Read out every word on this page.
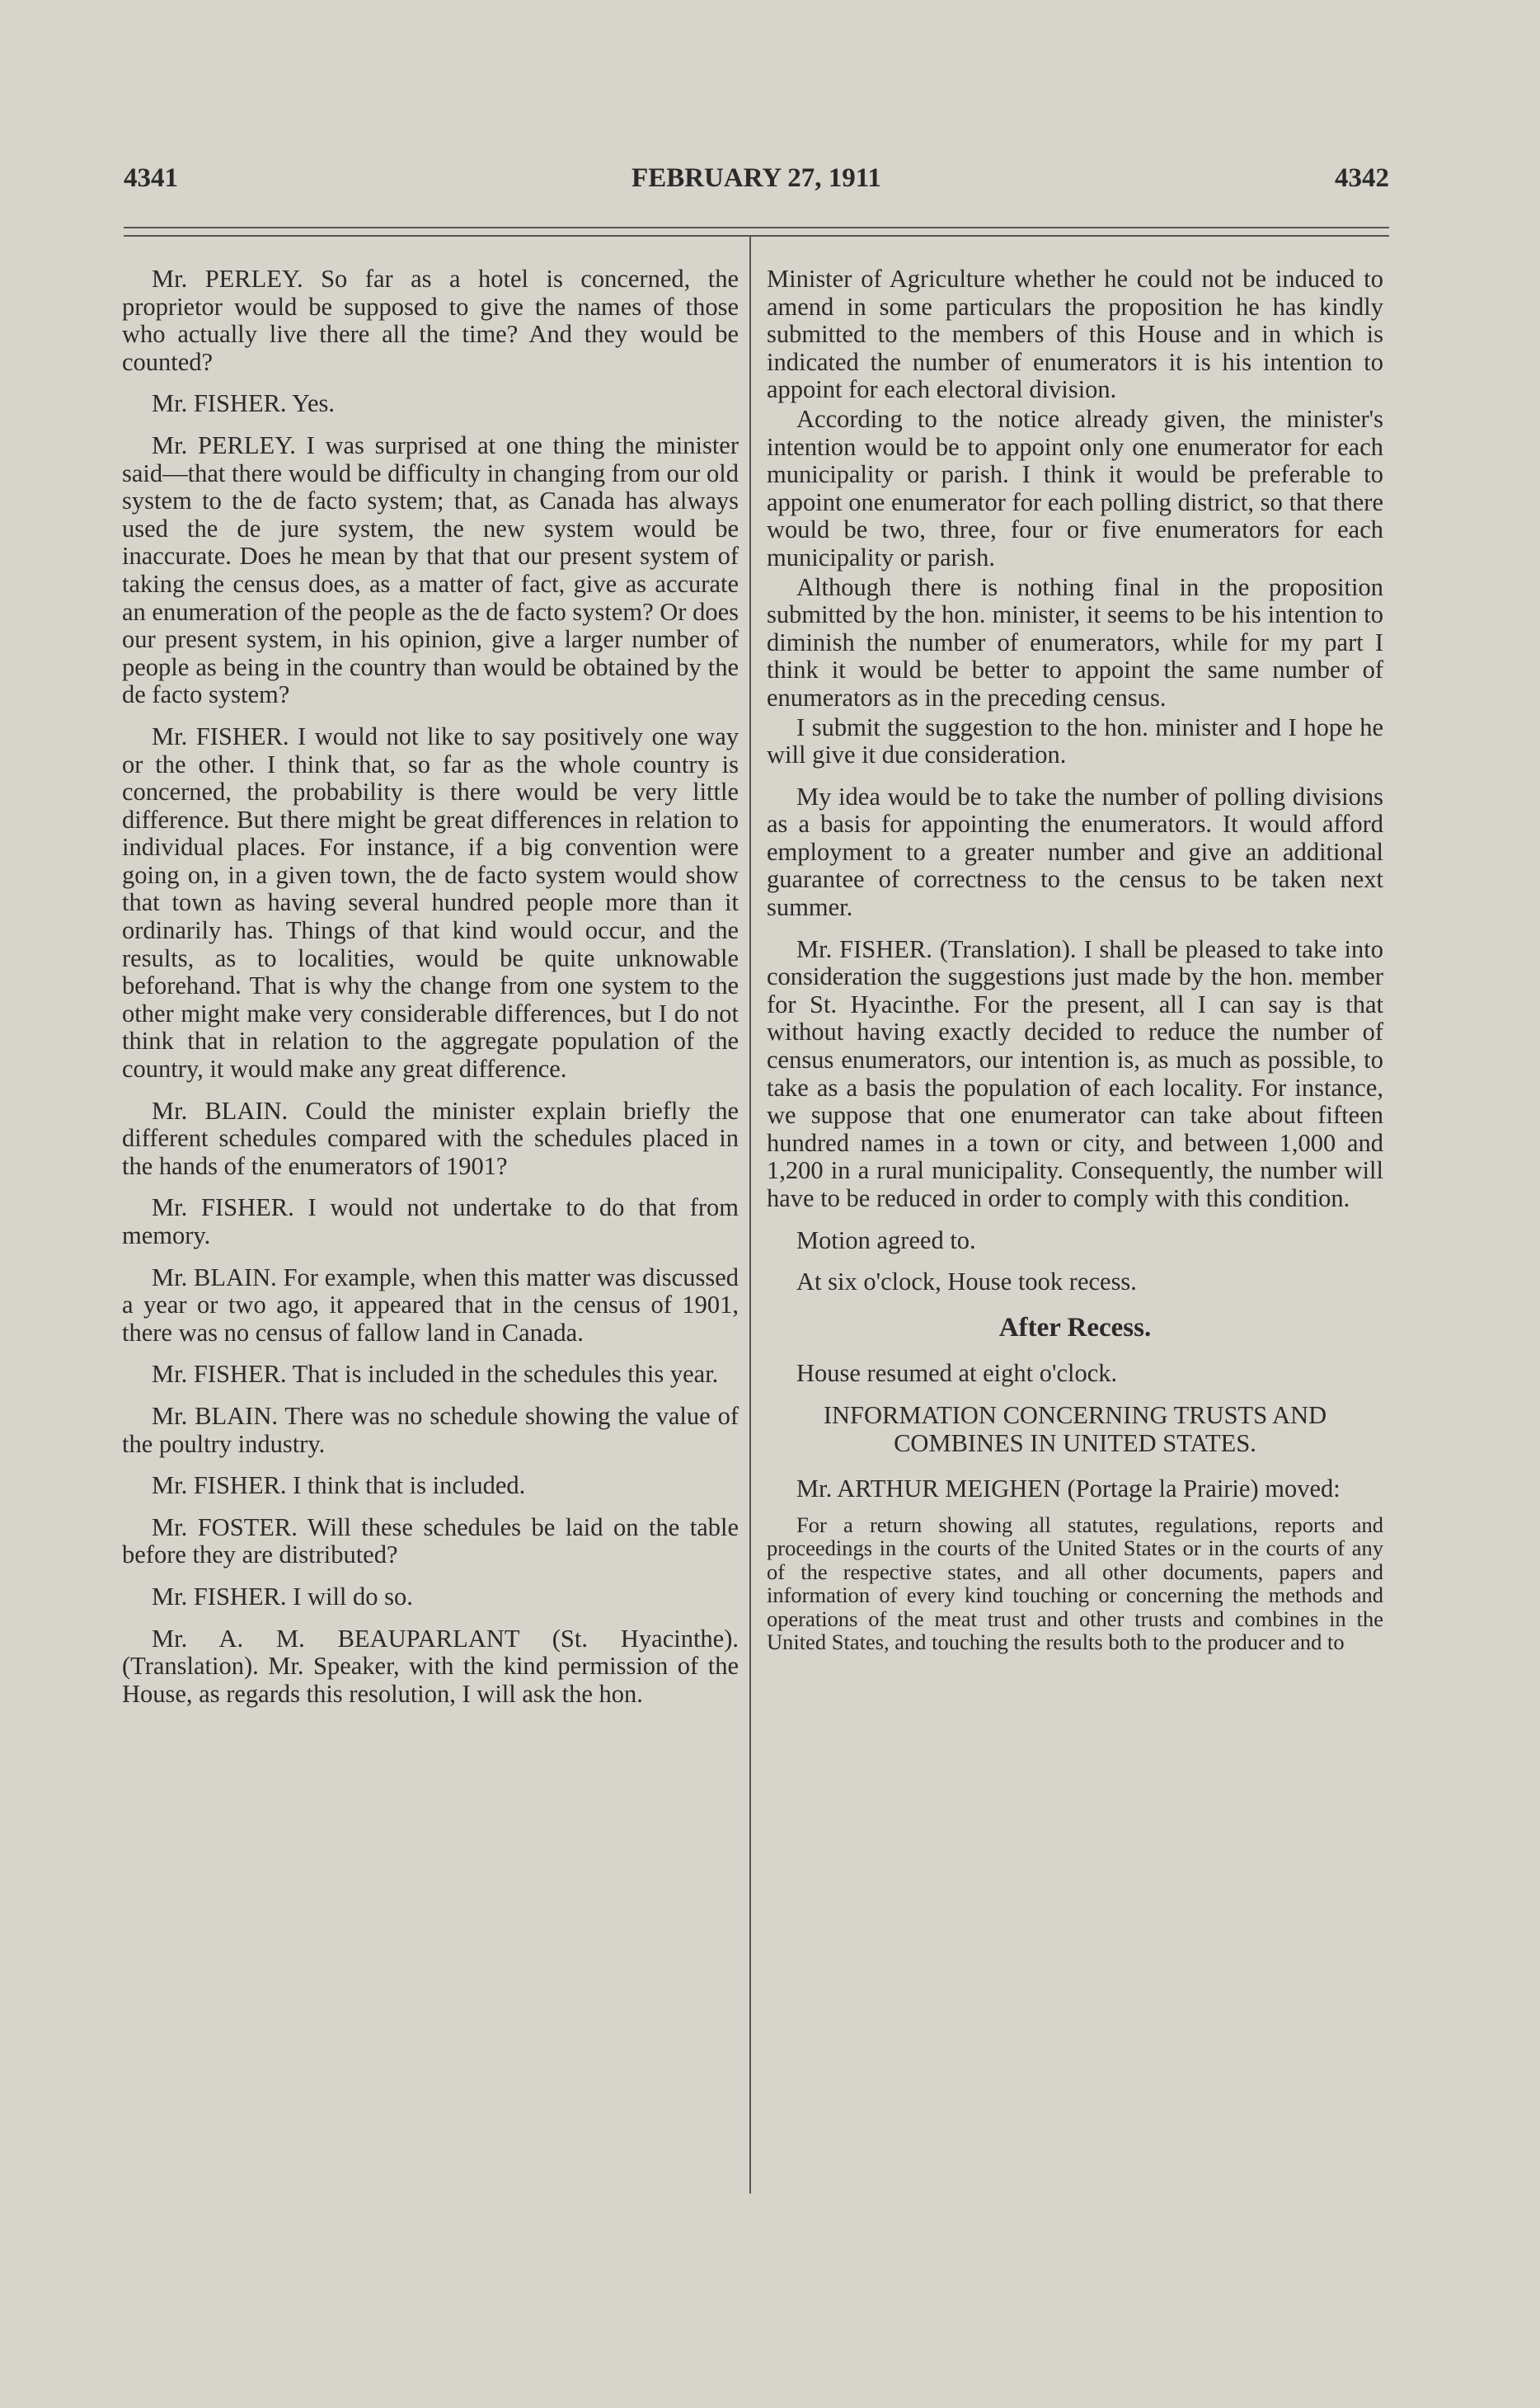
4341	FEBRUARY 27, 1911	4342

Mr. PERLEY. So far as a hotel is concerned, the proprietor would be supposed to give the names of those who actually live there all the time? And they would be counted?

Mr. FISHER. Yes.

Mr. PERLEY. I was surprised at one thing the minister said—that there would be difficulty in changing from our old system to the de facto system; that, as Canada has always used the de jure system, the new system would be inaccurate. Does he mean by that that our present system of taking the census does, as a matter of fact, give as accurate an enumeration of the people as the de facto system? Or does our present system, in his opinion, give a larger number of people as being in the country than would be obtained by the de facto system?

Mr. FISHER. I would not like to say positively one way or the other. I think that, so far as the whole country is concerned, the probability is there would be very little difference. But there might be great differences in relation to individual places. For instance, if a big convention were going on, in a given town, the de facto system would show that town as having several hundred people more than it ordinarily has. Things of that kind would occur, and the results, as to localities, would be quite unknowable beforehand. That is why the change from one system to the other might make very considerable differences, but I do not think that in relation to the aggregate population of the country, it would make any great difference.

Mr. BLAIN. Could the minister explain briefly the different schedules compared with the schedules placed in the hands of the enumerators of 1901?

Mr. FISHER. I would not undertake to do that from memory.

Mr. BLAIN. For example, when this matter was discussed a year or two ago, it appeared that in the census of 1901, there was no census of fallow land in Canada.

Mr. FISHER. That is included in the schedules this year.

Mr. BLAIN. There was no schedule showing the value of the poultry industry.

Mr. FISHER. I think that is included.

Mr. FOSTER. Will these schedules be laid on the table before they are distributed?

Mr. FISHER. I will do so.

Mr. A. M. BEAUPARLANT (St. Hyacinthe). (Translation). Mr. Speaker, with the kind permission of the House, as regards this resolution, I will ask the hon.

Minister of Agriculture whether he could not be induced to amend in some particulars the proposition he has kindly submitted to the members of this House and in which is indicated the number of enumerators it is his intention to appoint for each electoral division.

According to the notice already given, the minister's intention would be to appoint only one enumerator for each municipality or parish. I think it would be preferable to appoint one enumerator for each polling district, so that there would be two, three, four or five enumerators for each municipality or parish.

Although there is nothing final in the proposition submitted by the hon. minister, it seems to be his intention to diminish the number of enumerators, while for my part I think it would be better to appoint the same number of enumerators as in the preceding census.

I submit the suggestion to the hon. minister and I hope he will give it due consideration.

My idea would be to take the number of polling divisions as a basis for appointing the enumerators. It would afford employment to a greater number and give an additional guarantee of correctness to the census to be taken next summer.

Mr. FISHER. (Translation). I shall be pleased to take into consideration the suggestions just made by the hon. member for St. Hyacinthe. For the present, all I can say is that without having exactly decided to reduce the number of census enumerators, our intention is, as much as possible, to take as a basis the population of each locality. For instance, we suppose that one enumerator can take about fifteen hundred names in a town or city, and between 1,000 and 1,200 in a rural municipality. Consequently, the number will have to be reduced in order to comply with this condition.

Motion agreed to.

At six o'clock, House took recess.

After Recess.

House resumed at eight o'clock.

INFORMATION CONCERNING TRUSTS AND COMBINES IN UNITED STATES.

Mr. ARTHUR MEIGHEN (Portage la Prairie) moved:

For a return showing all statutes, regulations, reports and proceedings in the courts of the United States or in the courts of any of the respective states, and all other documents, papers and information of every kind touching or concerning the methods and operations of the meat trust and other trusts and combines in the United States, and touching the results both to the producer and to
